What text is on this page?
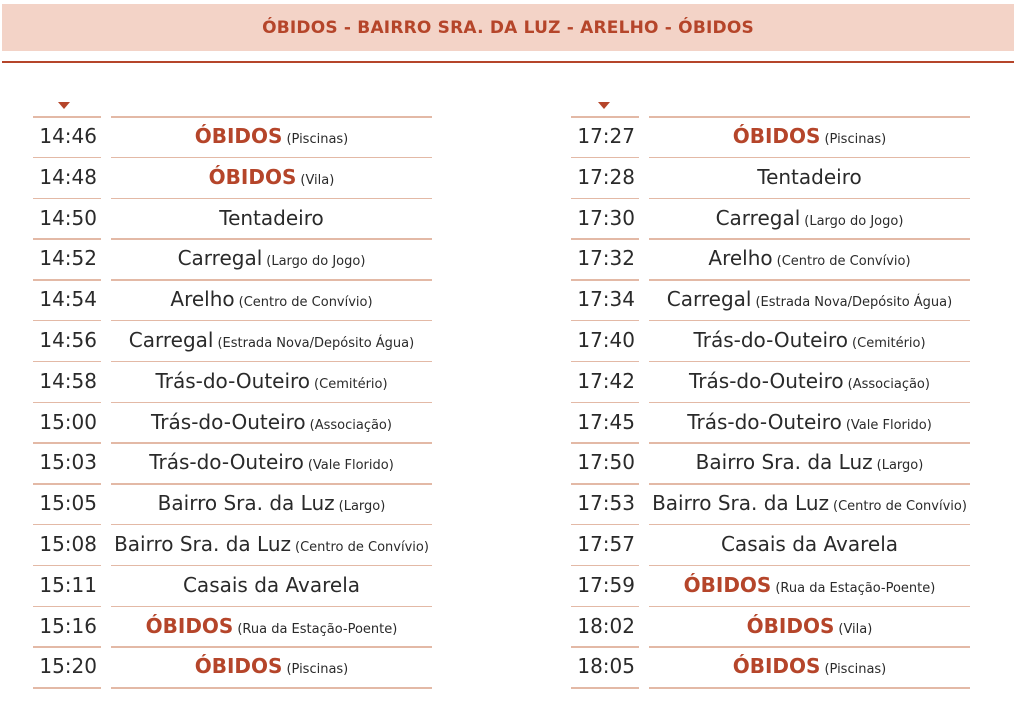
ÓBIDOS - BAIRRO SRA. DA LUZ - ARELHO - ÓBIDOS
14:46	ÓBIDOS (Piscinas)
14:48	ÓBIDOS (Vila)
14:50	Tentadeiro
14:52	Carregal (Largo do Jogo)
14:54	Arelho (Centro de Convívio)
14:56	Carregal (Estrada Nova/Depósito Água)
14:58	Trás-do-Outeiro (Cemitério)
15:00	Trás-do-Outeiro (Associação)
15:03	Trás-do-Outeiro (Vale Florido)
15:05	Bairro Sra. da Luz (Largo)
15:08 Bairro Sra. da Luz (Centro de Convívio)
15:11	Casais da Avarela
15:16	ÓBIDOS (Rua da Estação-Poente)
15:20	ÓBIDOS (Piscinas)
17:27	ÓBIDOS (Piscinas)
17:28	Tentadeiro
17:30	Carregal (Largo do Jogo)
17:32	Arelho (Centro de Convívio)
17:34	Carregal (Estrada Nova/Depósito Água)
17:40	Trás-do-Outeiro (Cemitério)
17:42	Trás-do-Outeiro (Associação)
17:45	Trás-do-Outeiro (Vale Florido)
17:50	Bairro Sra. da Luz (Largo)
17:53 Bairro Sra. da Luz (Centro de Convívio)
17:57	Casais da Avarela
17:59	ÓBIDOS (Rua da Estação-Poente)
18:02	ÓBIDOS (Vila)
18:05	ÓBIDOS (Piscinas)
